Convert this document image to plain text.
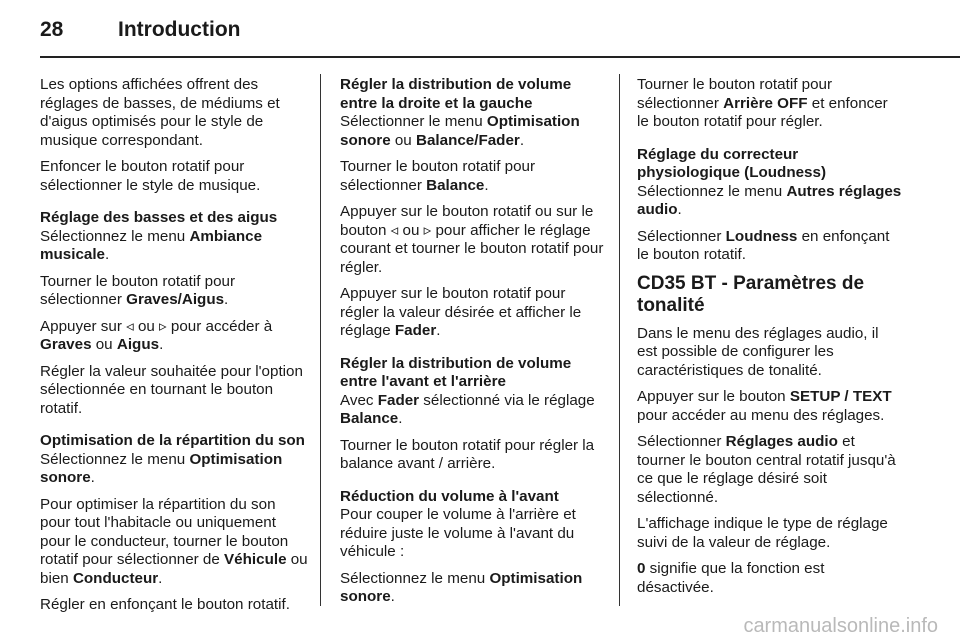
28	Introduction

Les options affichées offrent des réglages de basses, de médiums et d'aigus optimisés pour le style de musique correspondant.

Enfoncer le bouton rotatif pour sélectionner le style de musique.

Réglage des basses et des aigus

Sélectionnez le menu Ambiance musicale.

Tourner le bouton rotatif pour sélectionner Graves/Aigus.

Appuyer sur ◃ ou ▹ pour accéder à Graves ou Aigus.

Régler la valeur souhaitée pour l'option sélectionnée en tournant le bouton rotatif.

Optimisation de la répartition du son

Sélectionnez le menu Optimisation sonore.

Pour optimiser la répartition du son pour tout l'habitacle ou uniquement pour le conducteur, tourner le bouton rotatif pour sélectionner de Véhicule ou bien Conducteur.

Régler en enfonçant le bouton rotatif.

Régler la distribution de volume entre la droite et la gauche

Sélectionner le menu Optimisation sonore ou Balance/Fader.

Tourner le bouton rotatif pour sélectionner Balance.

Appuyer sur le bouton rotatif ou sur le bouton ◃ ou ▹ pour afficher le réglage courant et tourner le bouton rotatif pour régler.

Appuyer sur le bouton rotatif pour régler la valeur désirée et afficher le réglage Fader.

Régler la distribution de volume entre l'avant et l'arrière

Avec Fader sélectionné via le réglage Balance.

Tourner le bouton rotatif pour régler la balance avant / arrière.

Réduction du volume à l'avant

Pour couper le volume à l'arrière et réduire juste le volume à l'avant du véhicule :

Sélectionnez le menu Optimisation sonore.

Tourner le bouton rotatif pour sélectionner Arrière OFF et enfoncer le bouton rotatif pour régler.

Réglage du correcteur physiologique (Loudness)

Sélectionnez le menu Autres réglages audio.

Sélectionner Loudness en enfonçant le bouton rotatif.

CD35 BT - Paramètres de tonalité

Dans le menu des réglages audio, il est possible de configurer les caractéristiques de tonalité.

Appuyer sur le bouton SETUP / TEXT pour accéder au menu des réglages.

Sélectionner Réglages audio et tourner le bouton central rotatif jusqu'à ce que le réglage désiré soit sélectionné.

L'affichage indique le type de réglage suivi de la valeur de réglage.

0 signifie que la fonction est désactivée.

carmanualsonline.info
